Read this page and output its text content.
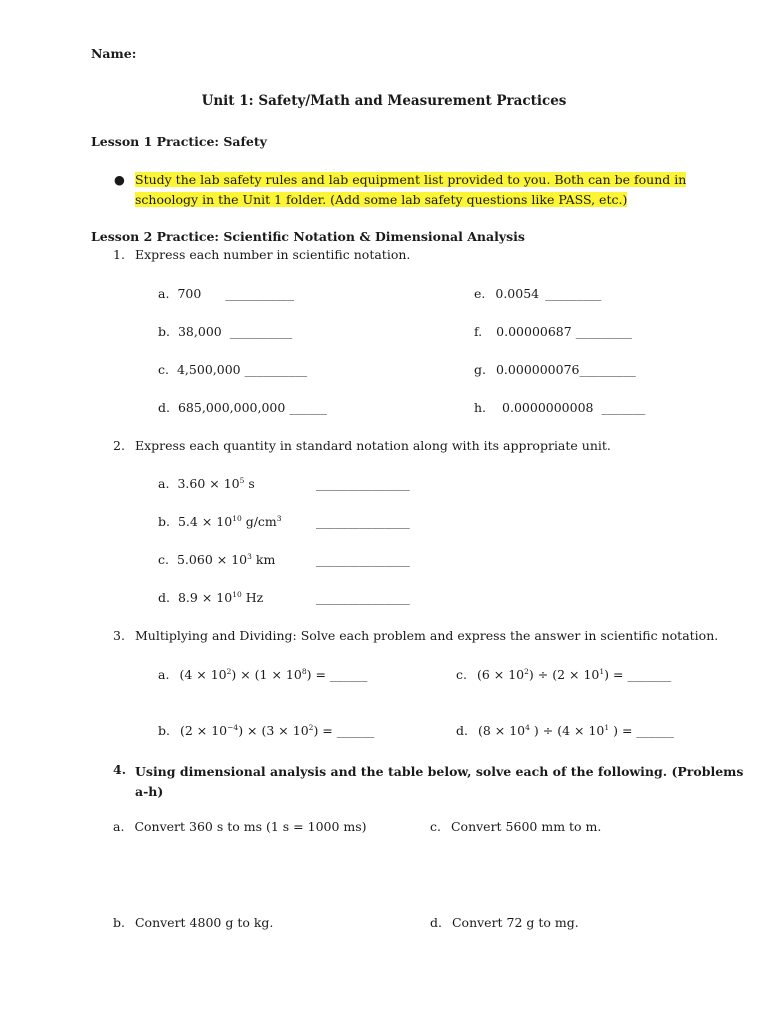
Name:
Unit 1: Safety/Math and Measurement Practices
Lesson 1 Practice: Safety
● Study the lab safety rules and lab equipment list provided to you. Both can be found in
schoology in the Unit 1 folder. (Add some lab safety questions like PASS, etc.)
Lesson 2 Practice: Scientific Notation & Dimensional Analysis
1. Express each number in scientific notation.
a. 700 ___________
b. 38,000 __________
c. 4,500,000 __________
d. 685,000,000,000 ______
e. 0.0054 _________
f. 0.00000687 _________
g. 0.000000076_________
h. 0.0000000008 _______
2. Express each quantity in standard notation along with its appropriate unit.
a. $3.60 \times 10^5$ s	_______________
b. $5.4 \times 10^{10}$ $g/cm^3$	_______________
c. $5.060 \times 10^3$ km	_______________
d. $8.9 \times 10^{10}$ Hz	_______________
3. Multiplying and Dividing: Solve each problem and express the answer in scientific notation.
a. $(4 \times 10^2) \times (1 \times 10^8)$ = ______
b. $(2 \times 10^{-4}) \times (3 \times 10^2)$ = ______
c. $(6 \times 10^2) \div (2 \times 10^1)$ = _______
d. ($8 \times 10^4$ ) ÷ ($4 \times 10^1$ ) = ______
4. Using dimensional analysis and the table below, solve each of the following. (Problems
a-h)
a. Convert 360 s to ms (1 s = 1000 ms)
b. Convert 4800 g to kg.
c. Convert 5600 mm to m.
d. Convert 72 g to mg.
